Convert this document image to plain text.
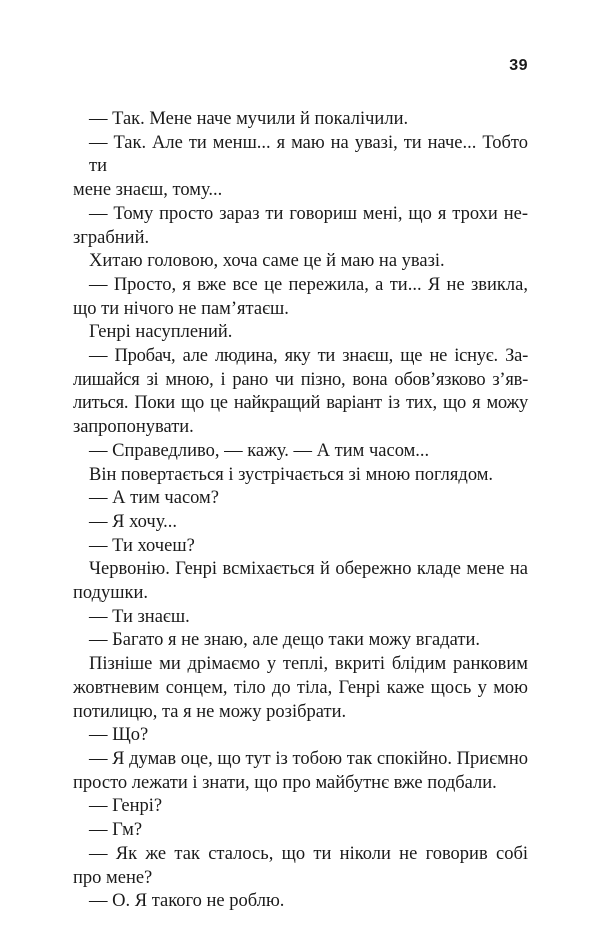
39
— Так. Мене наче мучили й покалічили.
— Так. Але ти менш... я маю на увазі, ти наче... Тобто ти
мене знаєш, тому...
— Тому просто зараз ти говориш мені, що я трохи не-
зграбний.
Хитаю головою, хоча саме це й маю на увазі.
— Просто, я вже все це пережила, а ти... Я не звикла,
що ти нічого не пам’ятаєш.
Генрі насуплений.
— Пробач, але людина, яку ти знаєш, ще не існує. За-
лишайся зі мною, і рано чи пізно, вона обов’язково з’яв-
литься. Поки що це найкращий варіант із тих, що я можу
запропонувати.
— Справедливо, — кажу. — А тим часом...
Він повертається і зустрічається зі мною поглядом.
— А тим часом?
— Я хочу...
— Ти хочеш?
Червонію. Генрі всміхається й обережно кладе мене на
подушки.
— Ти знаєш.
— Багато я не знаю, але дещо таки можу вгадати.
Пізніше ми дрімаємо у теплі, вкриті блідим ранковим
жовтневим сонцем, тіло до тіла, Генрі каже щось у мою
потилицю, та я не можу розібрати.
— Що?
— Я думав оце, що тут із тобою так спокійно. Приємно
просто лежати і знати, що про майбутнє вже подбали.
— Генрі?
— Гм?
— Як же так сталось, що ти ніколи не говорив собі
про мене?
— О. Я такого не роблю.
